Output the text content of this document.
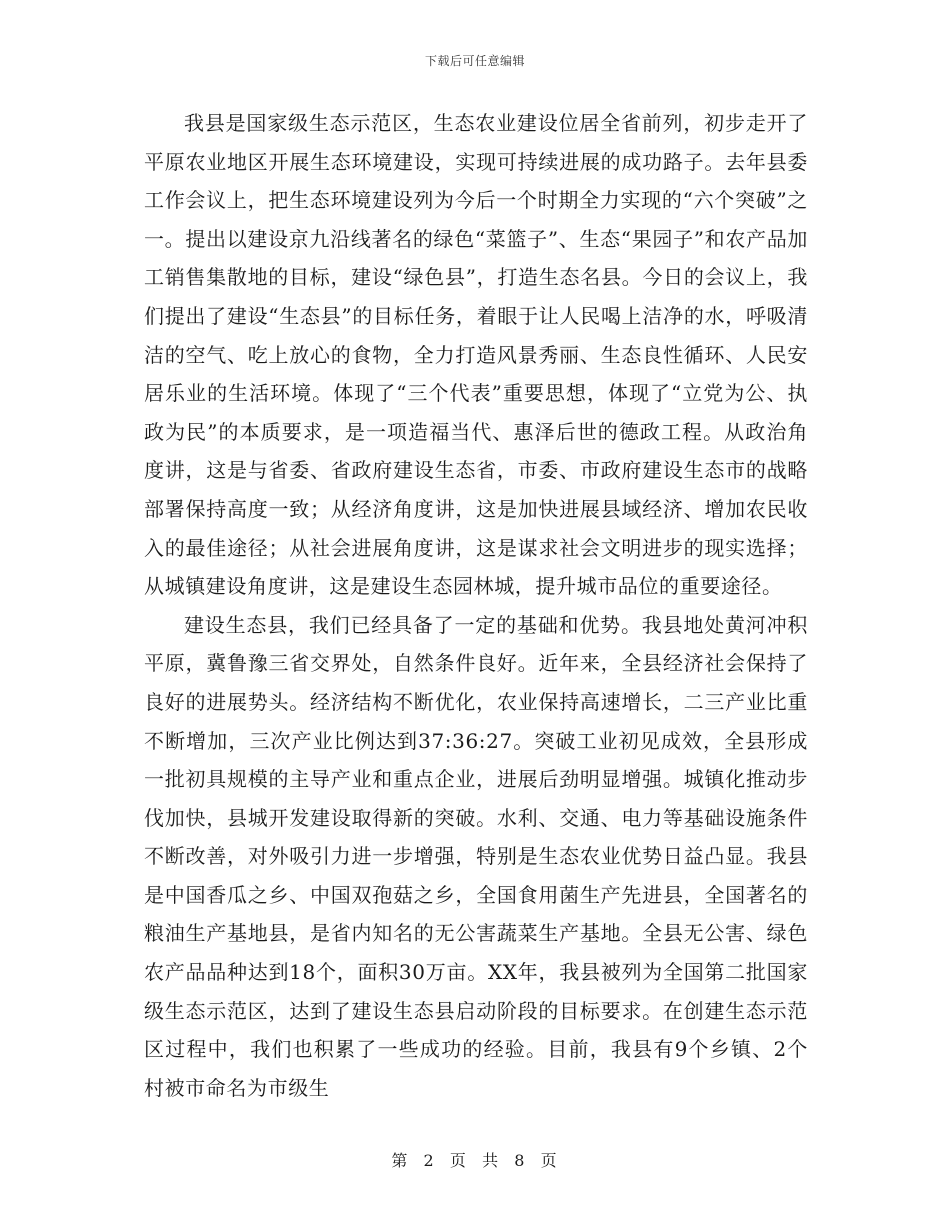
下载后可任意编辑

我县是国家级生态示范区，生态农业建设位居全省前列，初步走开了平原农业地区开展生态环境建设，实现可持续进展的成功路子。去年县委工作会议上，把生态环境建设列为今后一个时期全力实现的“六个突破”之一。提出以建设京九沿线著名的绿色“菜篮子”、生态“果园子”和农产品加工销售集散地的目标，建设“绿色县”，打造生态名县。今日的会议上，我们提出了建设“生态县”的目标任务，着眼于让人民喝上洁净的水，呼吸清洁的空气、吃上放心的食物，全力打造风景秀丽、生态良性循环、人民安居乐业的生活环境。体现了“三个代表”重要思想，体现了“立党为公、执政为民”的本质要求，是一项造福当代、惠泽后世的德政工程。从政治角度讲，这是与省委、省政府建设生态省，市委、市政府建设生态市的战略部署保持高度一致；从经济角度讲，这是加快进展县域经济、增加农民收入的最佳途径；从社会进展角度讲，这是谋求社会文明进步的现实选择；从城镇建设角度讲，这是建设生态园林城，提升城市品位的重要途径。

建设生态县，我们已经具备了一定的基础和优势。我县地处黄河冲积平原，冀鲁豫三省交界处，自然条件良好。近年来，全县经济社会保持了良好的进展势头。经济结构不断优化，农业保持高速增长，二三产业比重不断增加，三次产业比例达到37:36:27。突破工业初见成效，全县形成一批初具规模的主导产业和重点企业，进展后劲明显增强。城镇化推动步伐加快，县城开发建设取得新的突破。水利、交通、电力等基础设施条件不断改善，对外吸引力进一步增强，特别是生态农业优势日益凸显。我县是中国香瓜之乡、中国双孢菇之乡，全国食用菌生产先进县，全国著名的粮油生产基地县，是省内知名的无公害蔬菜生产基地。全县无公害、绿色农产品品种达到18个，面积30万亩。XX年，我县被列为全国第二批国家级生态示范区，达到了建设生态县启动阶段的目标要求。在创建生态示范区过程中，我们也积累了一些成功的经验。目前，我县有9个乡镇、2个村被市命名为市级生

第  2  页  共  8  页
